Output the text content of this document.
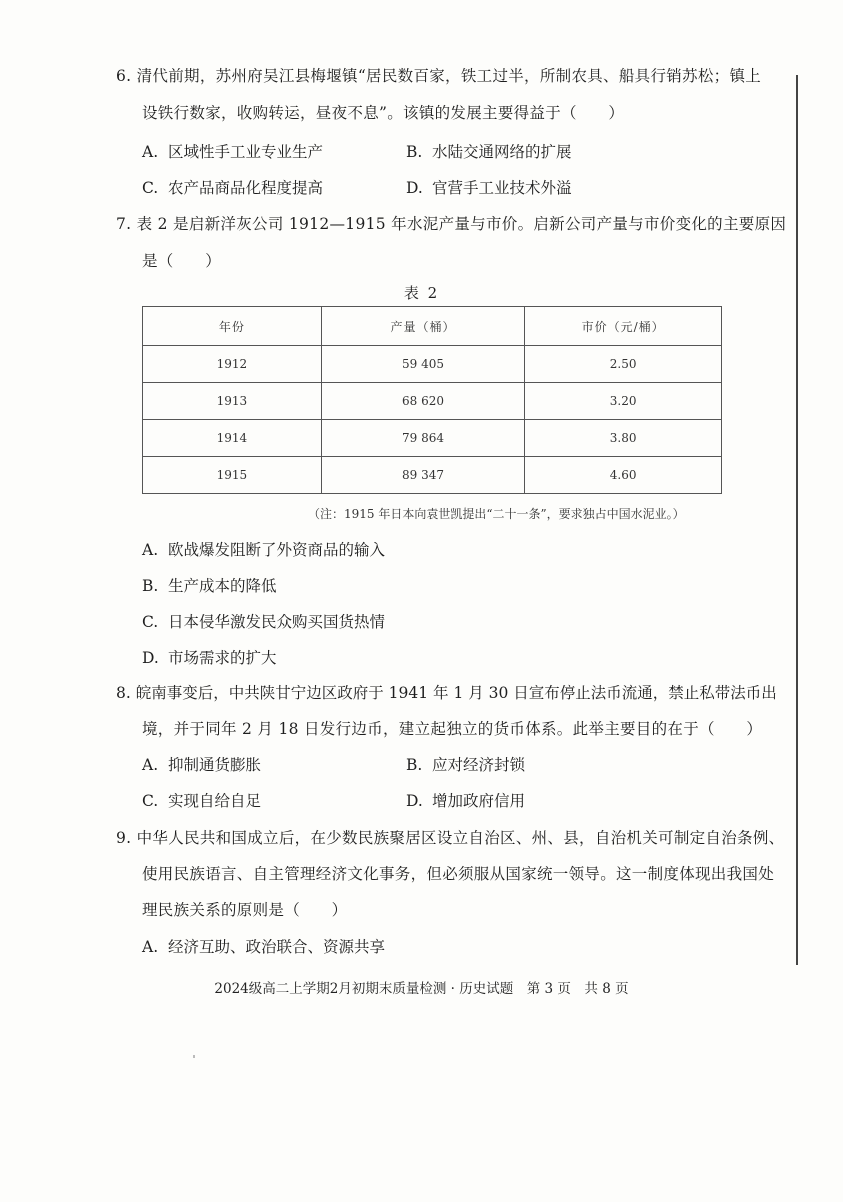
6. 清代前期，苏州府吴江县梅堰镇“居民数百家，铁工过半，所制农具、船具行销苏松；镇上
设铁行数家，收购转运，昼夜不息”。该镇的发展主要得益于（　　）
A. 区域性手工业专业生产	B. 水陆交通网络的扩展
C. 农产品商品化程度提高	D. 官营手工业技术外溢
7. 表 2 是启新洋灰公司 1912—1915 年水泥产量与市价。启新公司产量与市价变化的主要原因
是（　　）
表 2
年份	产量（桶）	市价（元/桶）
1912	59 405	2.50
1913	68 620	3.20
1914	79 864	3.80
1915	89 347	4.60
（注：1915 年日本向袁世凯提出“二十一条”，要求独占中国水泥业。）
A. 欧战爆发阻断了外资商品的输入
B. 生产成本的降低
C. 日本侵华激发民众购买国货热情
D. 市场需求的扩大
8. 皖南事变后，中共陕甘宁边区政府于 1941 年 1 月 30 日宣布停止法币流通，禁止私带法币出
境，并于同年 2 月 18 日发行边币，建立起独立的货币体系。此举主要目的在于（　　）
A. 抑制通货膨胀	B. 应对经济封锁
C. 实现自给自足	D. 增加政府信用
9. 中华人民共和国成立后，在少数民族聚居区设立自治区、州、县，自治机关可制定自治条例、
使用民族语言、自主管理经济文化事务，但必须服从国家统一领导。这一制度体现出我国处
理民族关系的原则是（　　）
A. 经济互助、政治联合、资源共享
2024级高二上学期2月初期末质量检测 · 历史试题　第 3 页　共 8 页
